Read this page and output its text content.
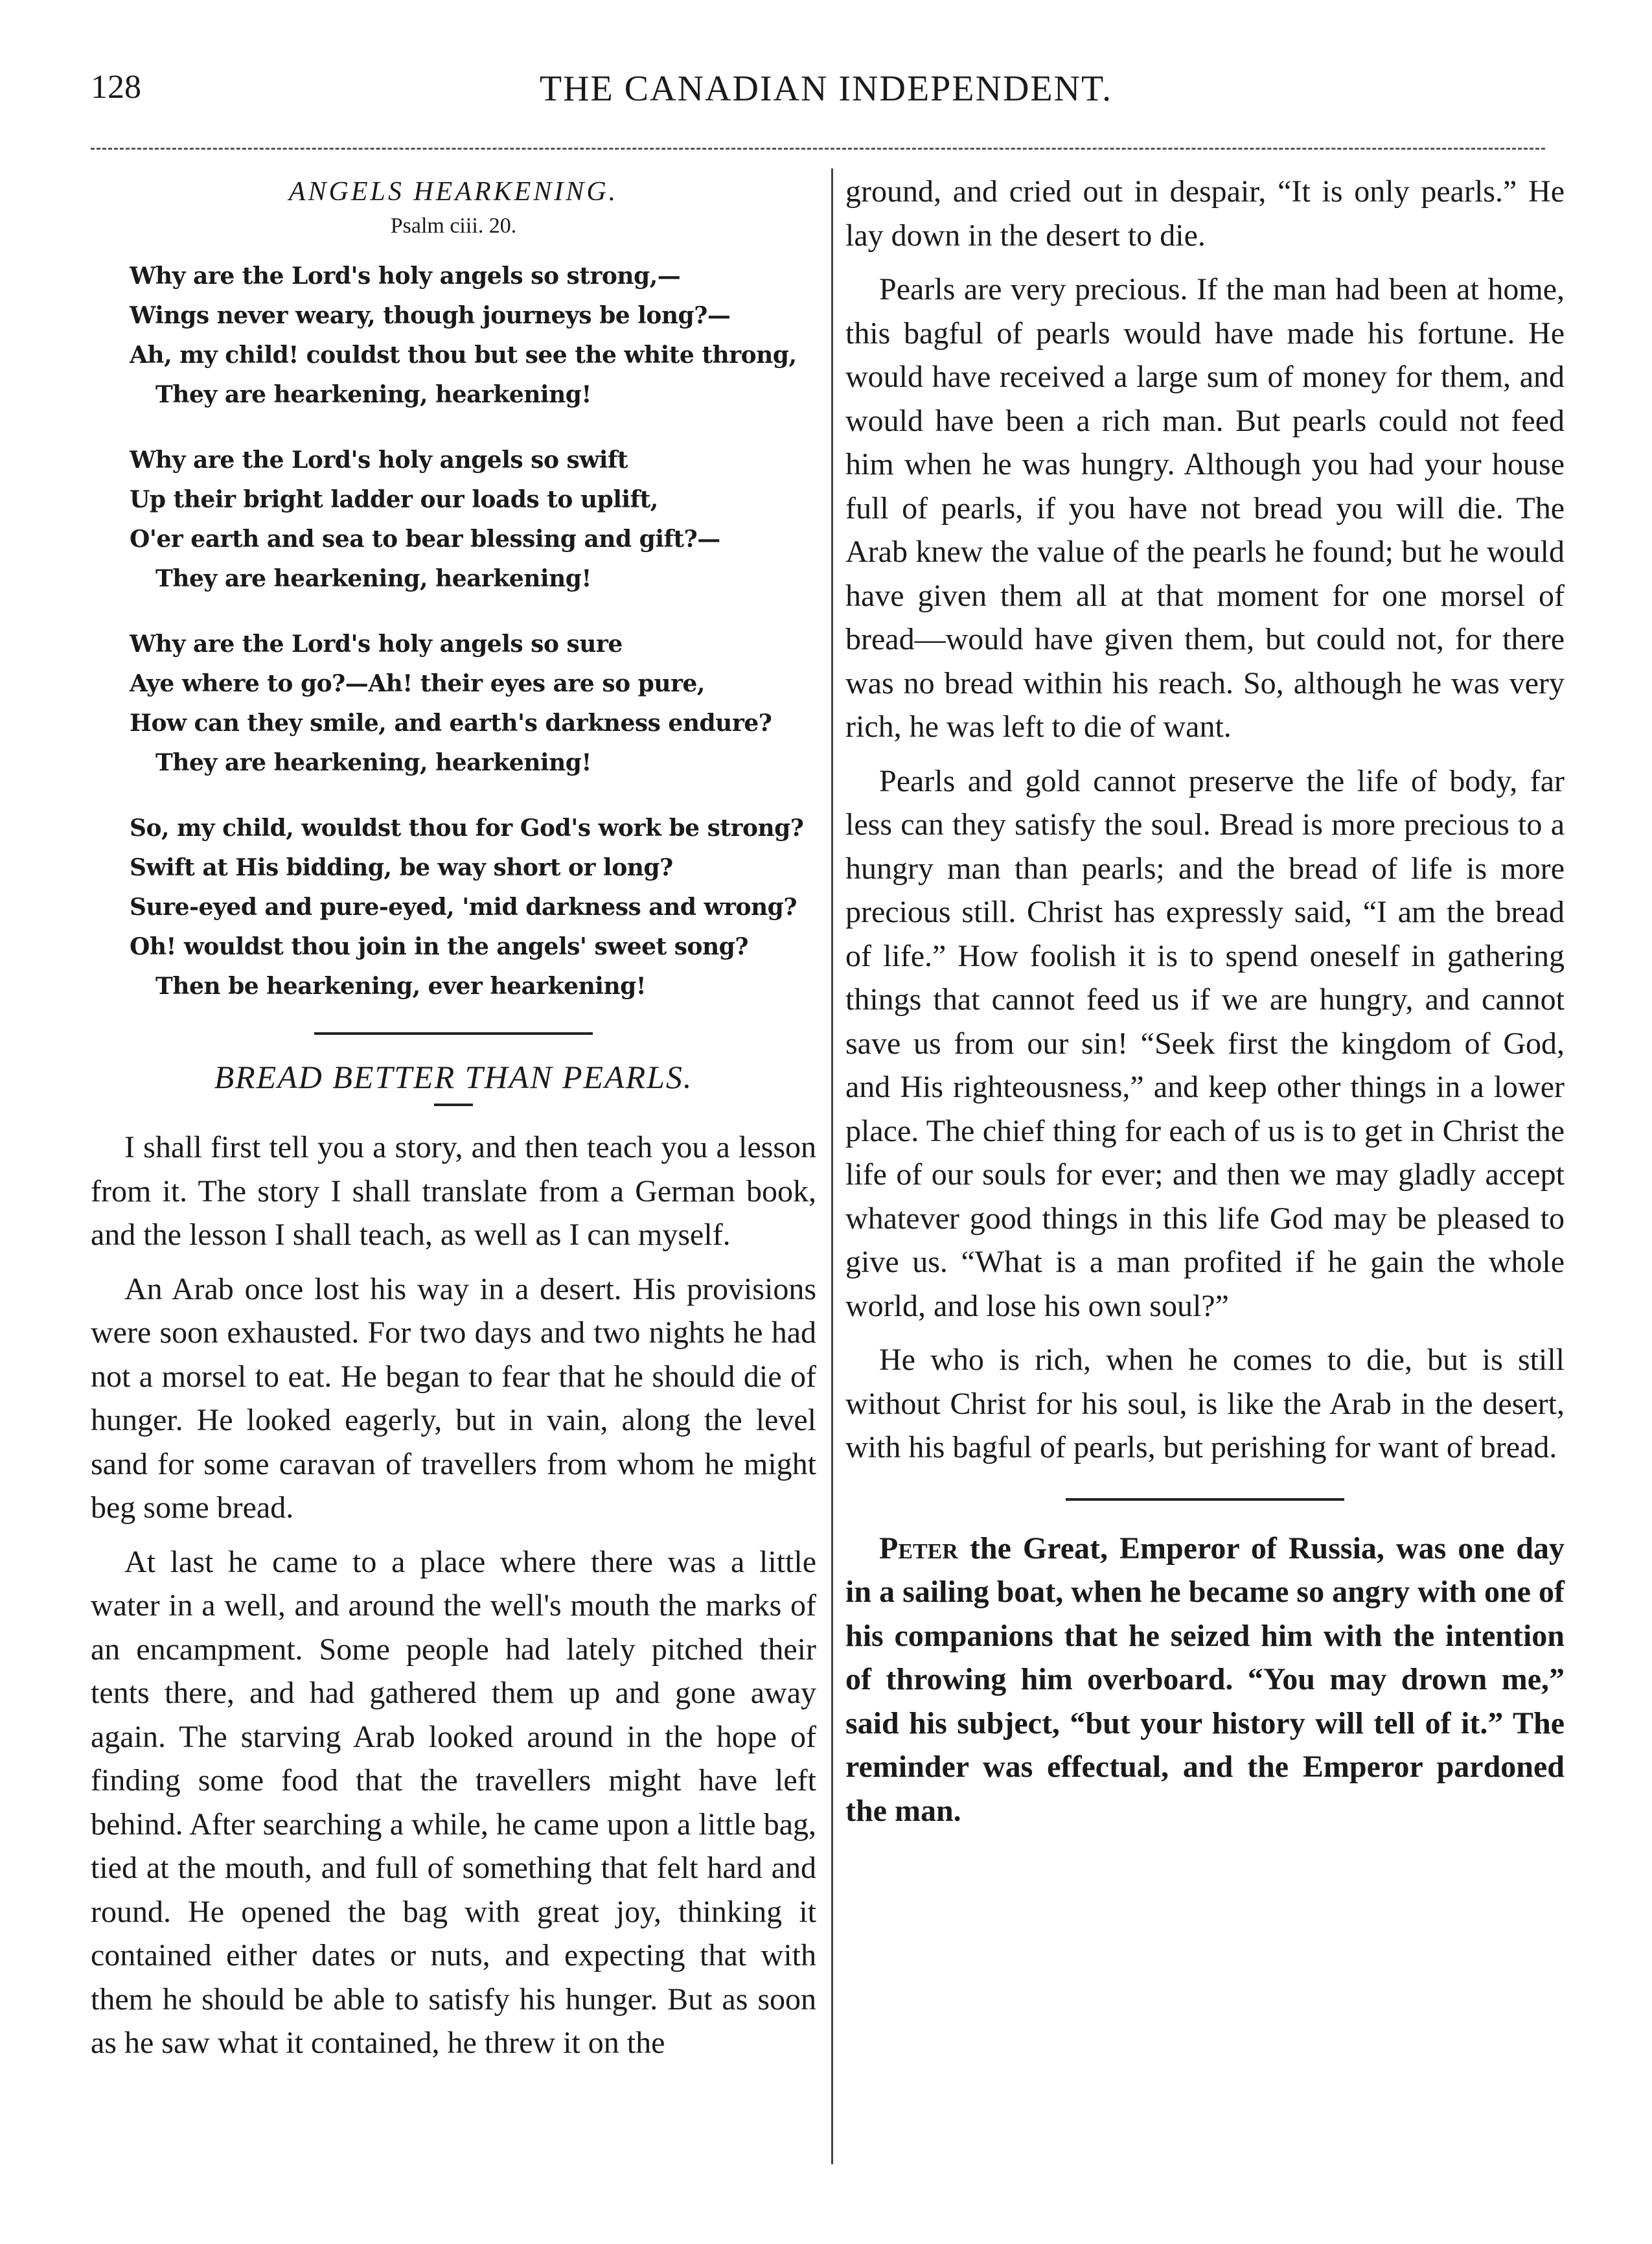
128	THE CANADIAN INDEPENDENT.
ANGELS HEARKENING.
Psalm ciii. 20.
Why are the Lord's holy angels so strong,—
Wings never weary, though journeys be long?—
Ah, my child! couldst thou but see the white throng,
They are hearkening, hearkening!
Why are the Lord's holy angels so swift
Up their bright ladder our loads to uplift,
O'er earth and sea to bear blessing and gift?—
They are hearkening, hearkening!
Why are the Lord's holy angels so sure
Aye where to go?—Ah! their eyes are so pure,
How can they smile, and earth's darkness endure?
They are hearkening, hearkening!
So, my child, wouldst thou for God's work be strong?
Swift at His bidding, be way short or long?
Sure-eyed and pure-eyed, 'mid darkness and wrong?
Oh! wouldst thou join in the angels' sweet song?
Then be hearkening, ever hearkening!
BREAD BETTER THAN PEARLS.

I shall first tell you a story, and then teach you a lesson from it. The story I shall translate from a German book, and the lesson I shall teach, as well as I can myself.

An Arab once lost his way in a desert. His provisions were soon exhausted. For two days and two nights he had not a morsel to eat. He began to fear that he should die of hunger. He looked eagerly, but in vain, along the level sand for some caravan of travellers from whom he might beg some bread.

At last he came to a place where there was a little water in a well, and around the well's mouth the marks of an encampment. Some people had lately pitched their tents there, and had gathered them up and gone away again. The starving Arab looked around in the hope of finding some food that the travellers might have left behind. After searching a while, he came upon a little bag, tied at the mouth, and full of something that felt hard and round. He opened the bag with great joy, thinking it contained either dates or nuts, and expecting that with them he should be able to satisfy his hunger. But as soon as he saw what it contained, he threw it on the

ground, and cried out in despair, “It is only pearls.” He lay down in the desert to die.

Pearls are very precious. If the man had been at home, this bagful of pearls would have made his fortune. He would have received a large sum of money for them, and would have been a rich man. But pearls could not feed him when he was hungry. Although you had your house full of pearls, if you have not bread you will die. The Arab knew the value of the pearls he found; but he would have given them all at that moment for one morsel of bread—would have given them, but could not, for there was no bread within his reach. So, although he was very rich, he was left to die of want.

Pearls and gold cannot preserve the life of body, far less can they satisfy the soul. Bread is more precious to a hungry man than pearls; and the bread of life is more precious still. Christ has expressly said, “I am the bread of life.” How foolish it is to spend oneself in gathering things that cannot feed us if we are hungry, and cannot save us from our sin! “Seek first the kingdom of God, and His righteousness,” and keep other things in a lower place. The chief thing for each of us is to get in Christ the life of our souls for ever; and then we may gladly accept whatever good things in this life God may be pleased to give us. “What is a man profited if he gain the whole world, and lose his own soul?”

He who is rich, when he comes to die, but is still without Christ for his soul, is like the Arab in the desert, with his bagful of pearls, but perishing for want of bread.

Peter the Great, Emperor of Russia, was one day in a sailing boat, when he became so angry with one of his companions that he seized him with the intention of throwing him overboard. “You may drown me,” said his subject, “but your history will tell of it.” The reminder was effectual, and the Emperor pardoned the man.
